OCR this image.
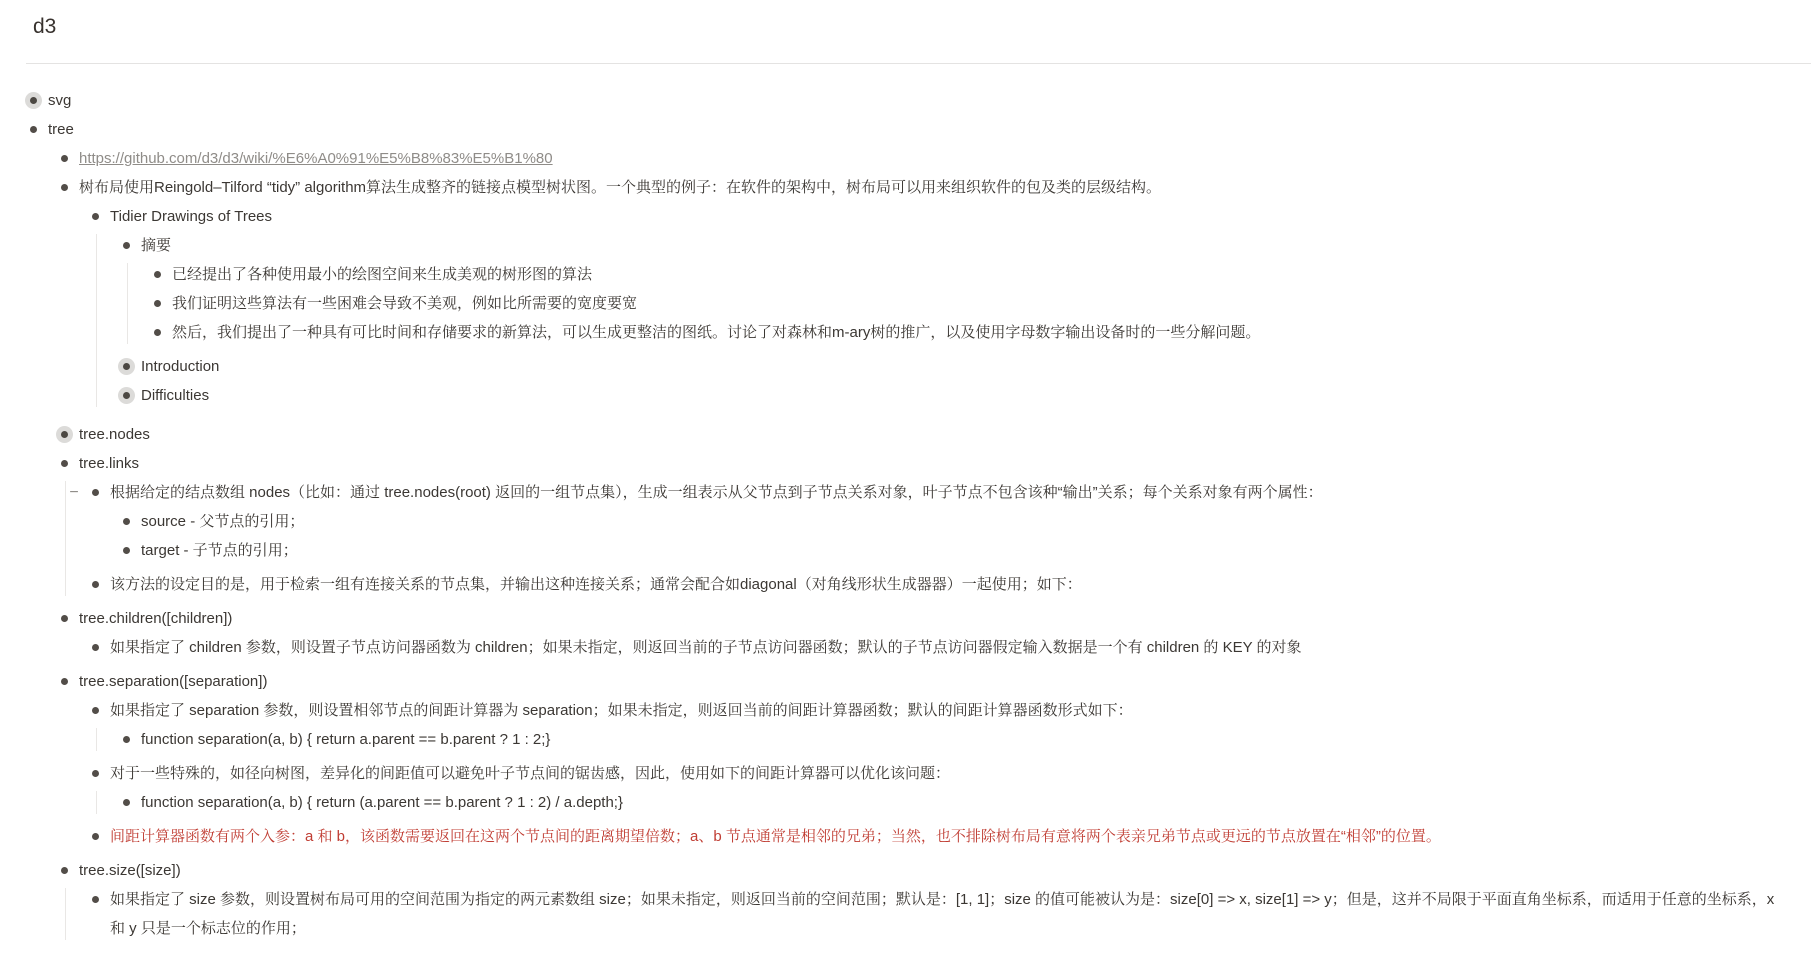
d3
svg
tree
https://github.com/d3/d3/wiki/%E6%A0%91%E5%B8%83%E5%B1%80
树布局使用Reingold–Tilford “tidy” algorithm算法生成整齐的链接点模型树状图。一个典型的例子：在软件的架构中，树布局可以用来组织软件的包及类的层级结构。
Tidier Drawings of Trees
摘要
已经提出了各种使用最小的绘图空间来生成美观的树形图的算法
我们证明这些算法有一些困难会导致不美观，例如比所需要的宽度要宽
然后，我们提出了一种具有可比时间和存储要求的新算法，可以生成更整洁的图纸。讨论了对森林和m-ary树的推广，以及使用字母数字输出设备时的一些分解问题。
Introduction
Difficulties
tree.nodes
tree.links
− 根据给定的结点数组 nodes（比如：通过 tree.nodes(root) 返回的一组节点集），生成一组表示从父节点到子节点关系对象，叶子节点不包含该种“输出”关系；每个关系对象有两个属性：
source - 父节点的引用；
target - 子节点的引用；
该方法的设定目的是，用于检索一组有连接关系的节点集，并输出这种连接关系；通常会配合如diagonal（对角线形状生成器器）一起使用；如下：
tree.children([children])
如果指定了 children 参数，则设置子节点访问器函数为 children；如果未指定，则返回当前的子节点访问器函数；默认的子节点访问器假定输入数据是一个有 children 的 KEY 的对象
tree.separation([separation])
如果指定了 separation 参数，则设置相邻节点的间距计算器为 separation；如果未指定，则返回当前的间距计算器函数；默认的间距计算器函数形式如下：
function separation(a, b) { return a.parent == b.parent ? 1 : 2;}
对于一些特殊的，如径向树图，差异化的间距值可以避免叶子节点间的锯齿感，因此，使用如下的间距计算器可以优化该问题：
function separation(a, b) { return (a.parent == b.parent ? 1 : 2) / a.depth;}
间距计算器函数有两个入参：a 和 b，该函数需要返回在这两个节点间的距离期望倍数；a、b 节点通常是相邻的兄弟；当然，也不排除树布局有意将两个表亲兄弟节点或更远的节点放置在“相邻”的位置。
tree.size([size])
如果指定了 size 参数，则设置树布局可用的空间范围为指定的两元素数组 size；如果未指定，则返回当前的空间范围；默认是：[1, 1]；size 的值可能被认为是：size[0] => x, size[1] => y；但是，这并不局限于平面直角坐标系，而适用于任意的坐标系，x 和 y 只是一个标志位的作用；
